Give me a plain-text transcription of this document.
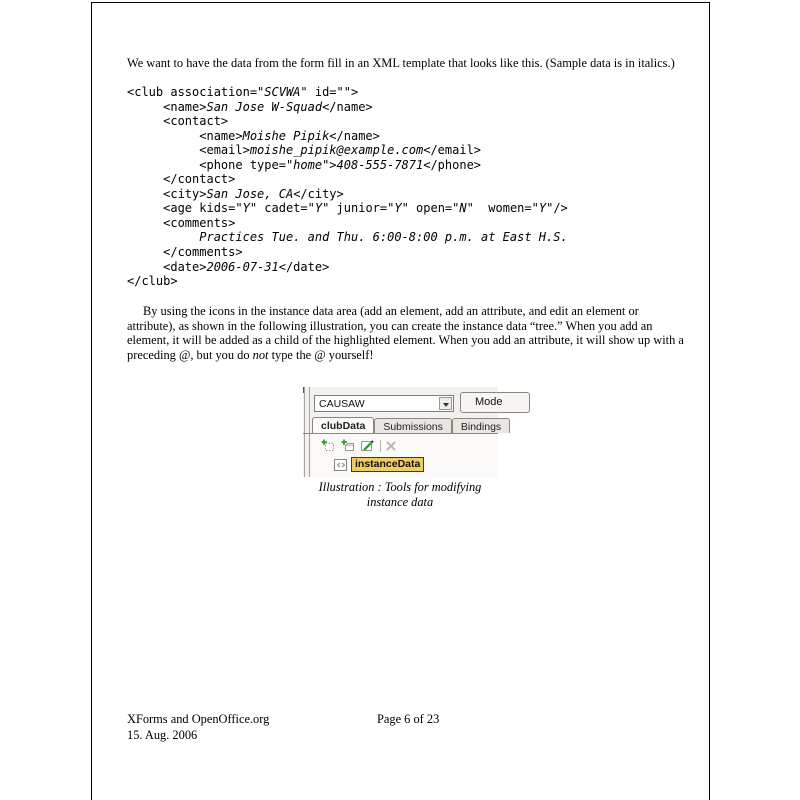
We want to have the data from the form fill in an XML template that looks like this. (Sample data is in italics.)
<club association="SCVWA" id="">
<name>San Jose W-Squad</name>
<contact>
<name>Moishe Pipik</name>
<email>moishe_pipik@example.com</email>
<phone type="home">408-555-7871</phone>
</contact>
<city>San Jose, CA</city>
<age kids="Y" cadet="Y" junior="Y" open="N"  women="Y"/>
<comments>
Practices Tue. and Thu. 6:00-8:00 p.m. at East H.S.
</comments>
<date>2006-07-31</date>
</club>
By using the icons in the instance data area (add an element, add an attribute, and edit an element or
attribute), as shown in the following illustration, you can create the instance data “tree.” When you add an
element, it will be added as a child of the highlighted element. When you add an attribute, it will show up with a
preceding @, but you do not type the @ yourself!
CAUSAW	Mode
clubData	Submissions	Bindings
instanceData
Illustration : Tools for modifying
instance data
XForms and OpenOffice.org	Page 6 of 23
15. Aug. 2006
